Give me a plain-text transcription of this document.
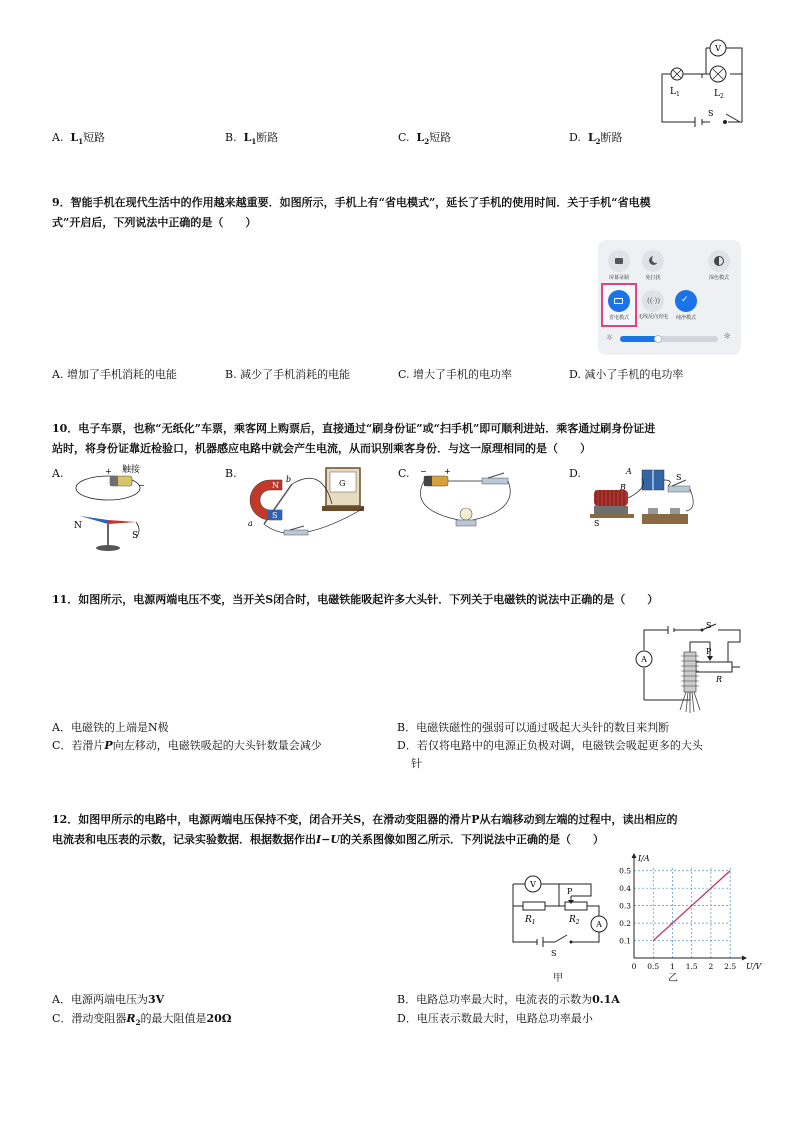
V
$L_1$	$L_2$
S
A. $L_1$短路	B. $L_1$断路	C. $L_2$短路	D. $L_2$断路
9．智能手机在现代生活中的作用越来越重要．如图所示，手机上有“省电模式”，延长了手机的使用时间．关于手机“省电模
式”开启后，下列说法中正确的是（　　）
屏幕录制	免打扰	深色模式
((·)) ✓
省电模式	无线反向充电	纯净模式
☼	☼
A. 增加了手机消耗的电能	B. 减少了手机消耗的电能	C. 增大了手机的电功率	D. 减小了手机的电功率
10．电子车票，也称“无纸化”车票，乘客网上购票后，直接通过“刷身份证”或“扫手机”即可顺利进站．乘客通过刷身份证进
站时，将身份证靠近检验口，机器感应电路中就会产生电流，从而识别乘客身份．与这一原理相同的是（　　）
A.	B.	C.	D.
触接
+
−
N
S
N
S
a
b	G
− +
B
A
S
S
11．如图所示，电源两端电压不变，当开关S闭合时，电磁铁能吸起许多大头针．下列关于电磁铁的说法中正确的是（　　）
A
S
P
R
A．电磁铁的上端是N极	B．电磁铁磁性的强弱可以通过吸起大头针的数目来判断
C．若滑片P向左移动，电磁铁吸起的大头针数量会减少	D．若仅将电路中的电源正负极对调，电磁铁会吸起更多的大头
针
12．如图甲所示的电路中，电源两端电压保持不变，闭合开关S，在滑动变阻器的滑片P从右端移动到左端的过程中，读出相应的
电流表和电压表的示数，记录实验数据．根据数据作出I−U的关系图像如图乙所示．下列说法中正确的是（　　）
V
A
P
$R_1$	$R_2$
S
甲
U/V
I/A
0 0.5 1 1.5 2 2.5
0.1
0.2
0.3
0.4
0.5
乙
A．电源两端电压为3V	B．电路总功率最大时，电流表的示数为0.1A
C．滑动变阻器$R_2$的最大阻值是20Ω	D．电压表示数最大时，电路总功率最小
